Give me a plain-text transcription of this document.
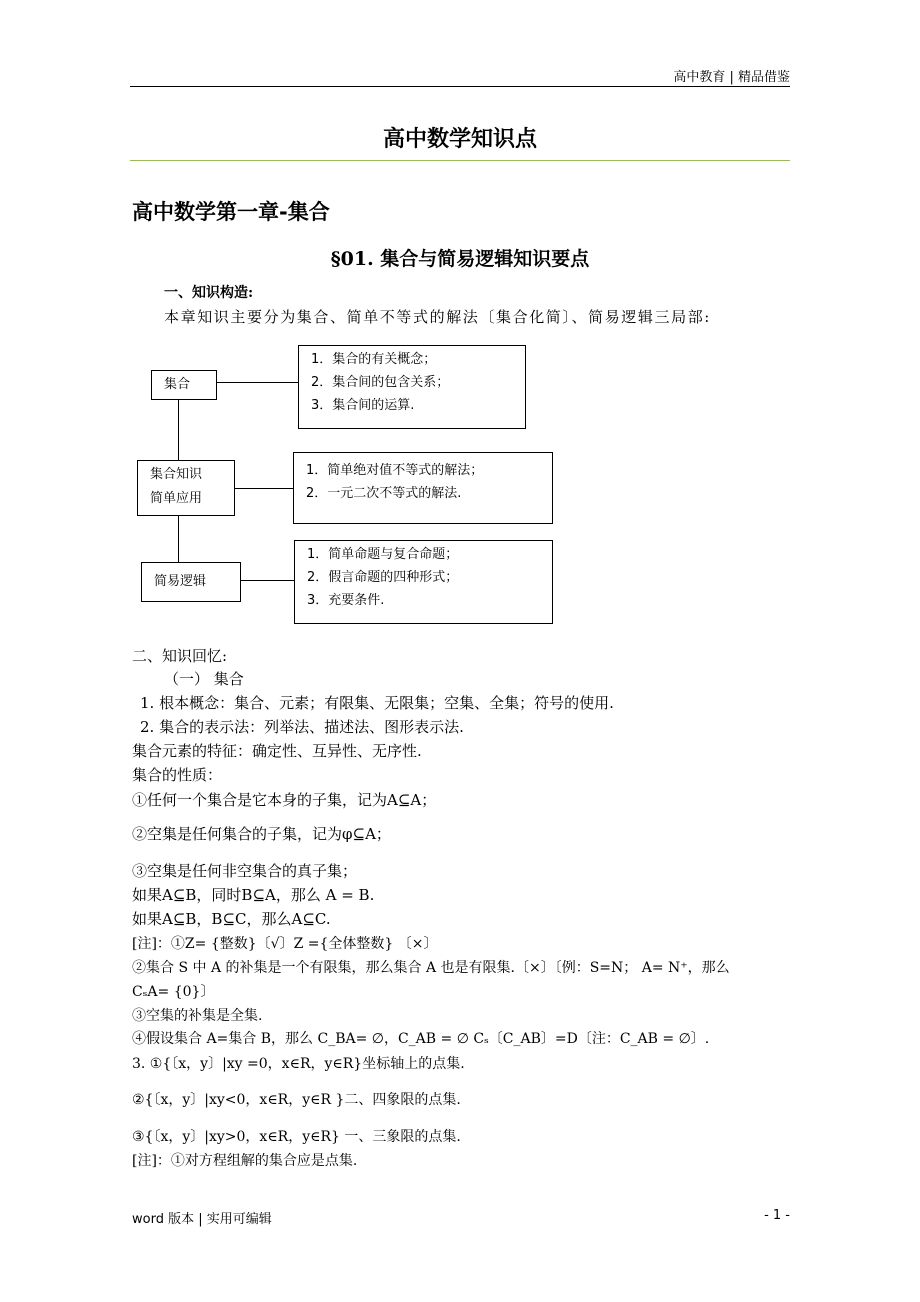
高中教育 | 精品借鉴
高中数学知识点
高中数学第一章-集合
§01. 集合与简易逻辑知识要点
一、知识构造:
本章知识主要分为集合、简单不等式的解法〔集合化简〕、简易逻辑三局部:
集合
集合知识
简单应用
简易逻辑
1．集合的有关概念；
2．集合间的包含关系；
3．集合间的运算.
1．简单绝对值不等式的解法；
2．一元二次不等式的解法.
1．简单命题与复合命题；
2．假言命题的四种形式；
3．充要条件.
二、知识回忆:
（一） 集合
1. 根本概念：集合、元素；有限集、无限集；空集、全集；符号的使用.
2. 集合的表示法：列举法、描述法、图形表示法.
集合元素的特征：确定性、互异性、无序性.
集合的性质：
①任何一个集合是它本身的子集，记为A⊆A；
②空集是任何集合的子集，记为φ⊆A；
③空集是任何非空集合的真子集；
如果A⊆B，同时B⊆A，那么 A = B.
如果A⊆B，B⊆C，那么A⊆C.
[注]：①Z= {整数}〔√〕Z ={全体整数} 〔×〕
②集合 S 中 A 的补集是一个有限集，那么集合 A 也是有限集.〔×〕〔例：S=N； A= N⁺，那么
CₛA= {0}〕
③空集的补集是全集.
④假设集合 A=集合 B，那么 C_BA= ∅，C_AB = ∅ Cₛ〔C_AB〕=D〔注：C_AB = ∅〕.
3. ①{〔x，y〕|xy =0，x∈R，y∈R}坐标轴上的点集.
②{〔x，y〕|xy<0，x∈R，y∈R }二、四象限的点集.
③{〔x，y〕|xy>0，x∈R，y∈R} 一、三象限的点集.
[注]：①对方程组解的集合应是点集.
word 版本 | 实用可编辑	- 1 -
